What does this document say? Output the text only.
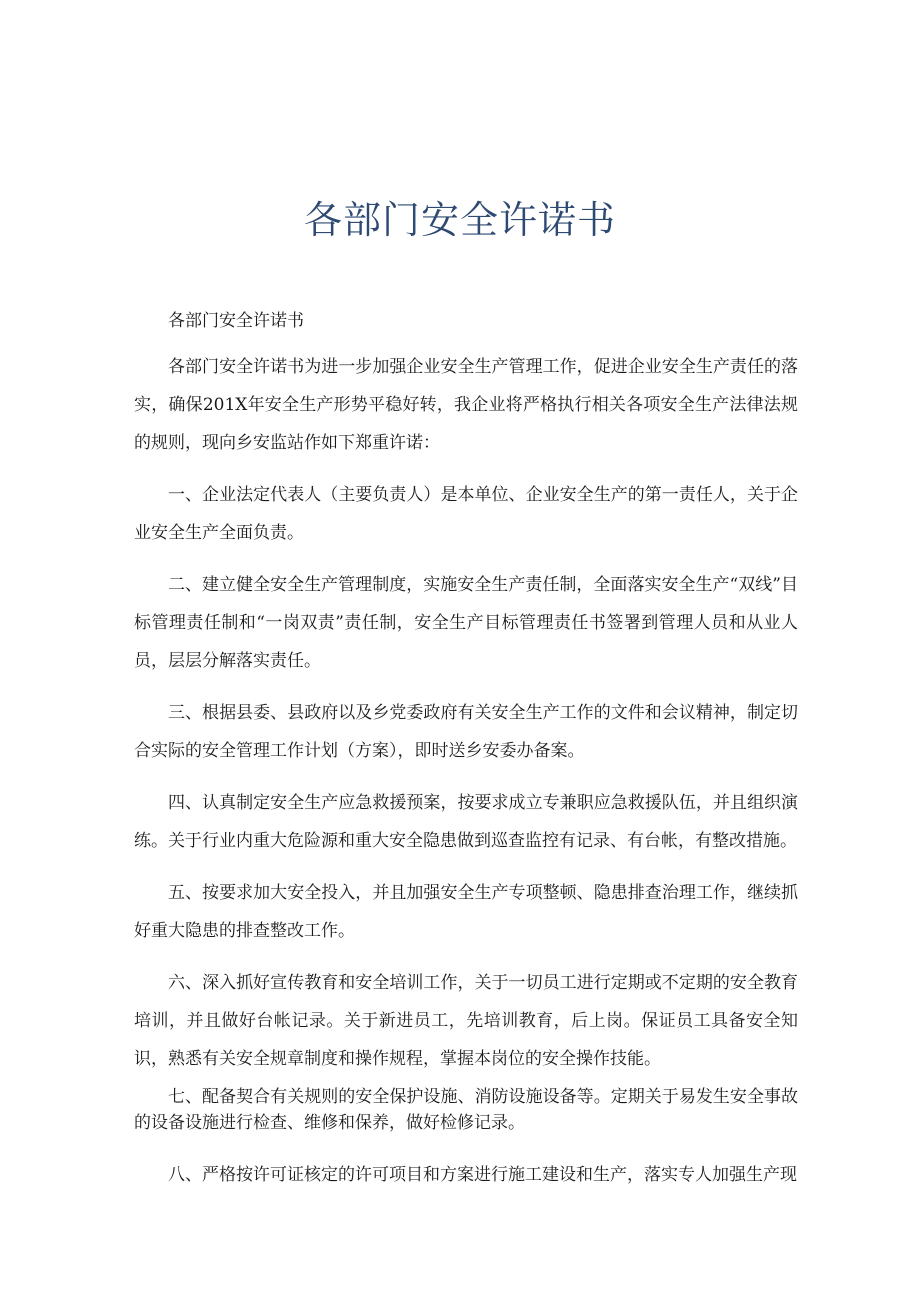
各部门安全许诺书

各部门安全许诺书

各部门安全许诺书为进一步加强企业安全生产管理工作，促进企业安全生产责任的落实，确保201X年安全生产形势平稳好转，我企业将严格执行相关各项安全生产法律法规的规则，现向乡安监站作如下郑重许诺：

一、企业法定代表人（主要负责人）是本单位、企业安全生产的第一责任人，关于企业安全生产全面负责。

二、建立健全安全生产管理制度，实施安全生产责任制，全面落实安全生产“双线”目标管理责任制和“一岗双责”责任制，安全生产目标管理责任书签署到管理人员和从业人员，层层分解落实责任。

三、根据县委、县政府以及乡党委政府有关安全生产工作的文件和会议精神，制定切合实际的安全管理工作计划（方案），即时送乡安委办备案。

四、认真制定安全生产应急救援预案，按要求成立专兼职应急救援队伍，并且组织演练。关于行业内重大危险源和重大安全隐患做到巡查监控有记录、有台帐，有整改措施。

五、按要求加大安全投入，并且加强安全生产专项整顿、隐患排查治理工作，继续抓好重大隐患的排查整改工作。

六、深入抓好宣传教育和安全培训工作，关于一切员工进行定期或不定期的安全教育培训，并且做好台帐记录。关于新进员工，先培训教育，后上岗。保证员工具备安全知识，熟悉有关安全规章制度和操作规程，掌握本岗位的安全操作技能。

七、配备契合有关规则的安全保护设施、消防设施设备等。定期关于易发生安全事故的设备设施进行检查、维修和保养，做好检修记录。

八、严格按许可证核定的许可项目和方案进行施工建设和生产，落实专人加强生产现
